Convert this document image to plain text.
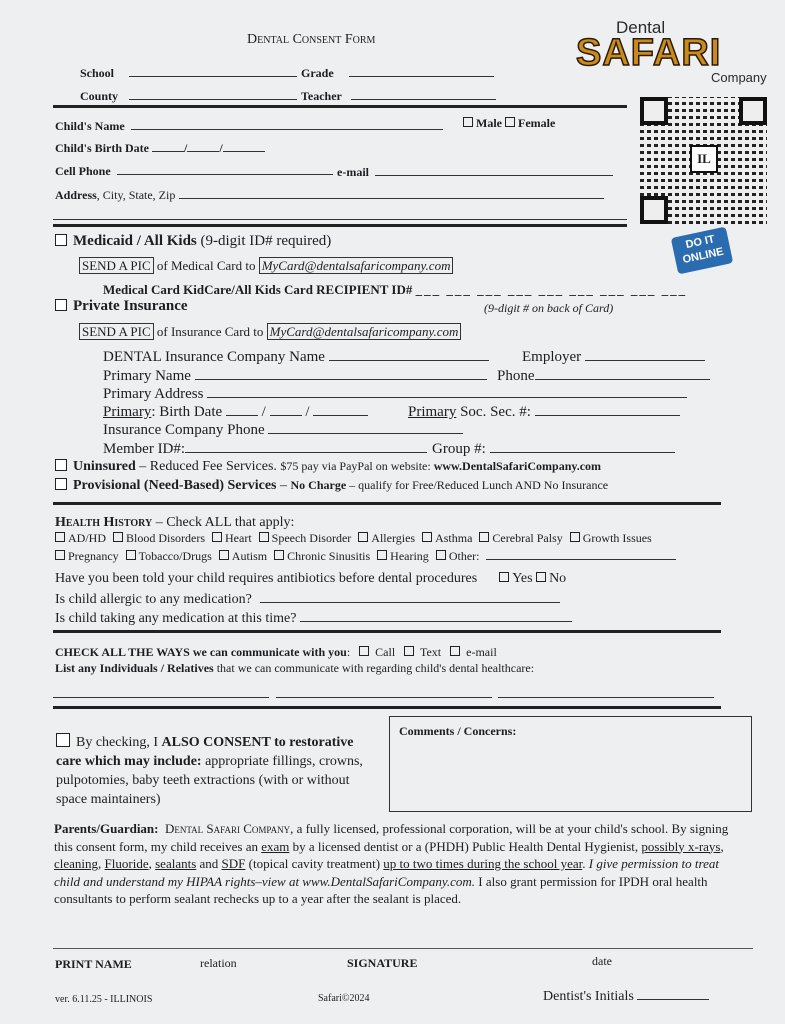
Dental Consent Form
Dental
SAFARI
Company
IL
DO IT ONLINE
School	Grade
County	Teacher
Child's Name	Male Female
Child's Birth Date	/	/
Cell Phone	e-mail
Address, City, State, Zip
Medicaid / All Kids (9-digit ID# required)
SEND A PIC of Medical Card to MyCard@dentalsafaricompany.com
Medical Card KidCare/All Kids Card RECIPIENT ID# ___ ___ ___ ___ ___ ___ ___ ___ ___
Private Insurance	(9-digit # on back of Card)
SEND A PIC of Insurance Card to MyCard@dentalsafaricompany.com
DENTAL Insurance Company Name	Employer
Primary Name	Phone
Primary Address
Primary: Birth Date  /  /	Primary Soc. Sec. #:
Insurance Company Phone
Member ID#:	Group #:
Uninsured – Reduced Fee Services. $75 pay via PayPal on website: www.DentalSafariCompany.com
Provisional (Need-Based) Services – No Charge – qualify for Free/Reduced Lunch AND No Insurance
Health History – Check ALL that apply:
AD/HD Blood Disorders Heart Speech Disorder Allergies Asthma Cerebral Palsy Growth Issues
Pregnancy Tobacco/Drugs Autism Chronic Sinusitis Hearing Other:
Have you been told your child requires antibiotics before dental procedures	Yes No
Is child allergic to any medication?
Is child taking any medication at this time?
CHECK ALL THE WAYS we can communicate with you:  Call Text e-mail
List any Individuals / Relatives that we can communicate with regarding child's dental healthcare:
By checking, I ALSO CONSENT to restorative care which may include: appropriate fillings, crowns, pulpotomies, baby teeth extractions (with or without space maintainers)
Comments / Concerns:
Parents/Guardian: Dental Safari Company, a fully licensed, professional corporation, will be at your child's school. By signing this consent form, my child receives an exam by a licensed dentist or a (PHDH) Public Health Dental Hygienist, possibly x-rays, cleaning, Fluoride, sealants and SDF (topical cavity treatment) up to two times during the school year. I give permission to treat child and understand my HIPAA rights–view at www.DentalSafariCompany.com. I also grant permission for IPDH oral health consultants to perform sealant rechecks up to a year after the sealant is placed.
PRINT NAME	relation	SIGNATURE	date
ver. 6.11.25 - ILLINOIS	Safari©2024	Dentist's Initials
